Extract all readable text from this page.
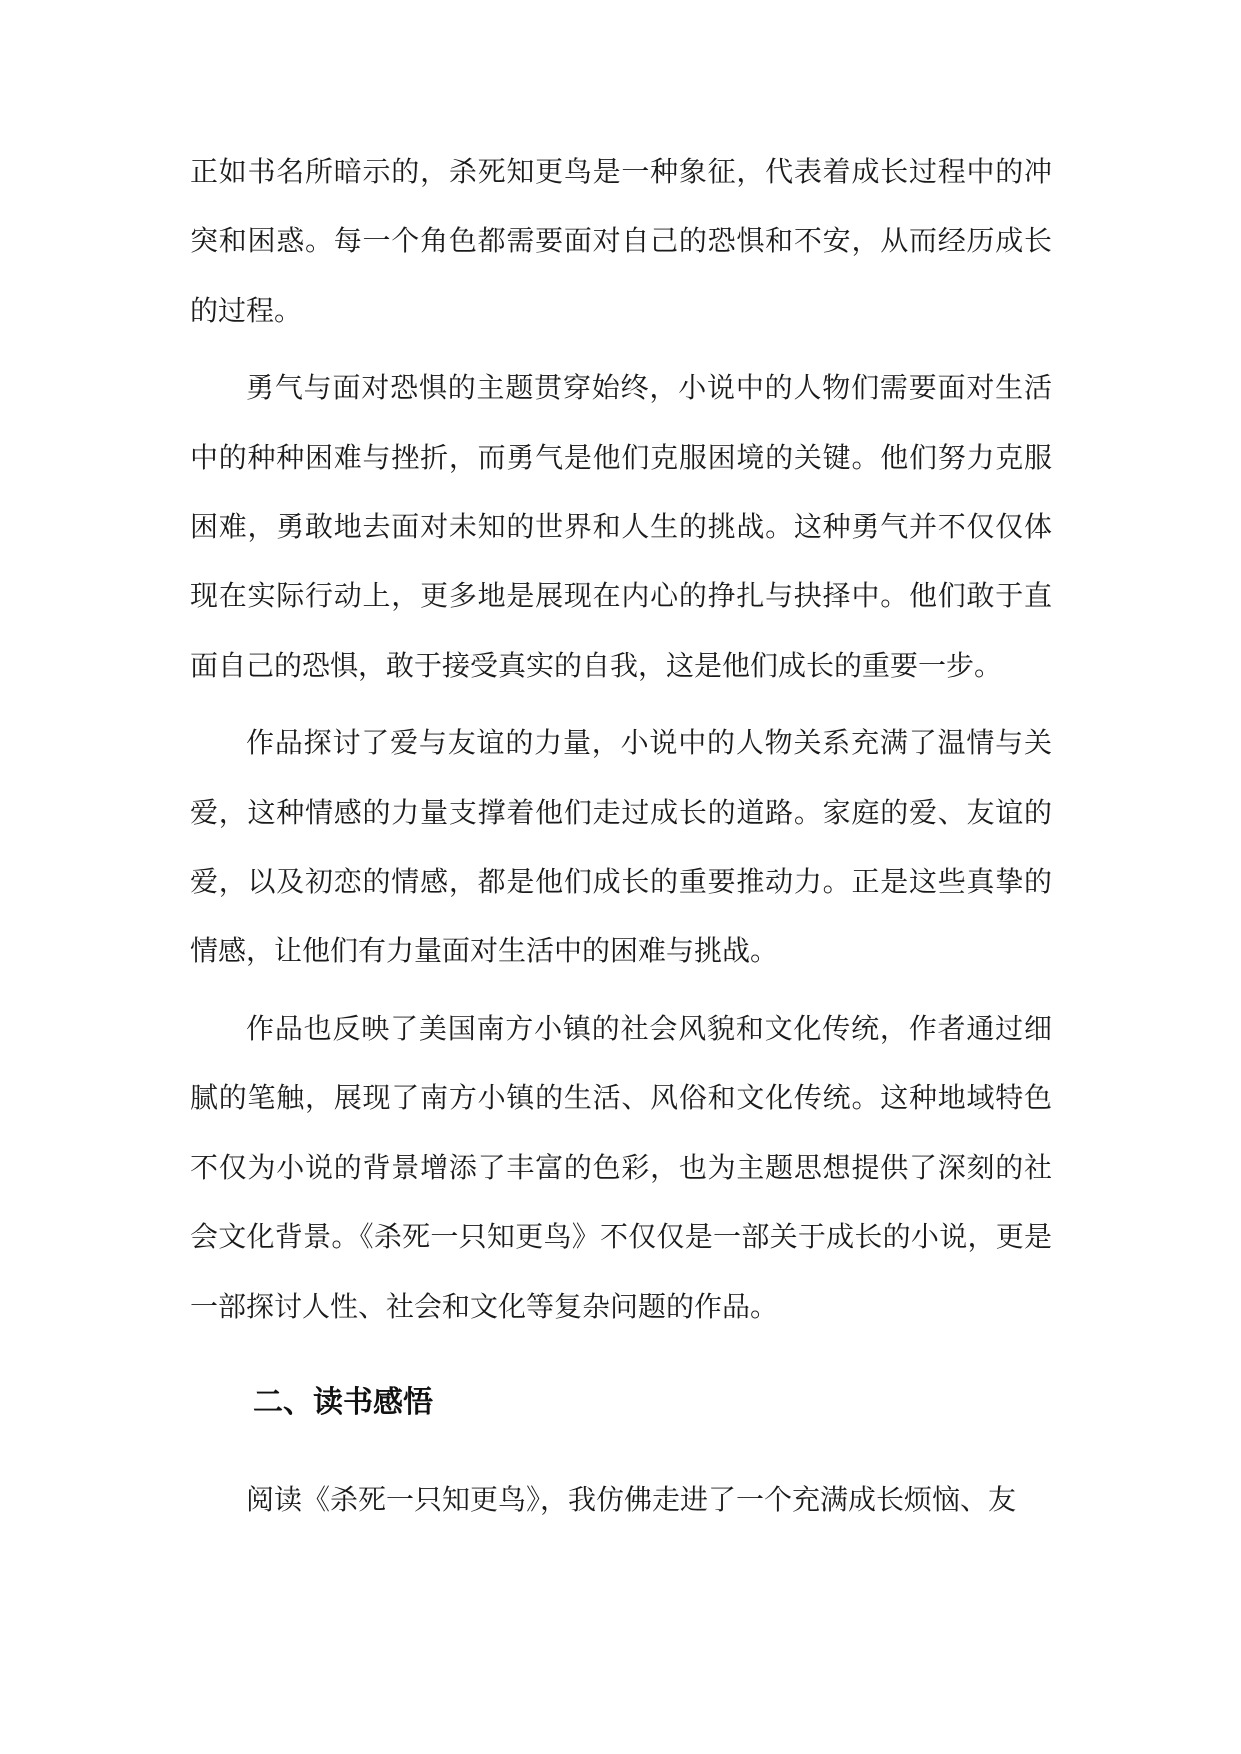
正如书名所暗示的，杀死知更鸟是一种象征，代表着成长过程中的冲突和困惑。每一个角色都需要面对自己的恐惧和不安，从而经历成长的过程。

勇气与面对恐惧的主题贯穿始终，小说中的人物们需要面对生活中的种种困难与挫折，而勇气是他们克服困境的关键。他们努力克服困难，勇敢地去面对未知的世界和人生的挑战。这种勇气并不仅仅体现在实际行动上，更多地是展现在内心的挣扎与抉择中。他们敢于直面自己的恐惧，敢于接受真实的自我，这是他们成长的重要一步。

作品探讨了爱与友谊的力量，小说中的人物关系充满了温情与关爱，这种情感的力量支撑着他们走过成长的道路。家庭的爱、友谊的爱，以及初恋的情感，都是他们成长的重要推动力。正是这些真挚的情感，让他们有力量面对生活中的困难与挑战。

作品也反映了美国南方小镇的社会风貌和文化传统，作者通过细腻的笔触，展现了南方小镇的生活、风俗和文化传统。这种地域特色不仅为小说的背景增添了丰富的色彩，也为主题思想提供了深刻的社会文化背景。《杀死一只知更鸟》不仅仅是一部关于成长的小说，更是一部探讨人性、社会和文化等复杂问题的作品。

二、读书感悟

阅读《杀死一只知更鸟》，我仿佛走进了一个充满成长烦恼、友
